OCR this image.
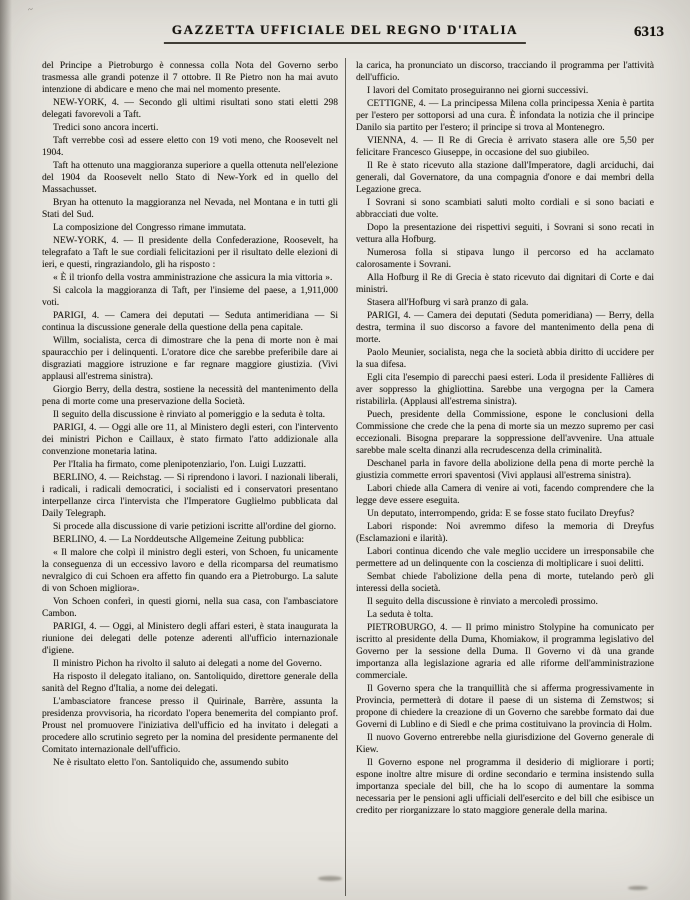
~
GAZZETTA UFFICIALE DEL REGNO D'ITALIA	6313

del Principe a Pietroburgo è connessa colla Nota del Governo serbo trasmessa alle grandi potenze il 7 ottobre. Il Re Pietro non ha mai avuto intenzione di abdicare e meno che mai nel momento presente.

NEW-YORK, 4. — Secondo gli ultimi risultati sono stati eletti 298 delegati favorevoli a Taft.

Tredici sono ancora incerti.

Taft verrebbe così ad essere eletto con 19 voti meno, che Roosevelt nel 1904.

Taft ha ottenuto una maggioranza superiore a quella ottenuta nell'elezione del 1904 da Roosevelt nello Stato di New-York ed in quello del Massachusset.

Bryan ha ottenuto la maggioranza nel Nevada, nel Montana e in tutti gli Stati del Sud.

La composizione del Congresso rimane immutata.

NEW-YORK, 4. — Il presidente della Confederazione, Roosevelt, ha telegrafato a Taft le sue cordiali felicitazioni per il risultato delle elezioni di ieri, e questi, ringraziandolo, gli ha risposto :

« È il trionfo della vostra amministrazione che assicura la mia vittoria ».

Si calcola la maggioranza di Taft, per l'insieme del paese, a 1,911,000 voti.

PARIGI, 4. — Camera dei deputati — Seduta antimeridiana — Si continua la discussione generale della questione della pena capitale.

Willm, socialista, cerca di dimostrare che la pena di morte non è mai spauracchio per i delinquenti. L'oratore dice che sarebbe preferibile dare ai disgraziati maggiore istruzione e far regnare maggiore giustizia. (Vivi applausi all'estrema sinistra).

Giorgio Berry, della destra, sostiene la necessità del mantenimento della pena di morte come una preservazione della Società.

Il seguito della discussione è rinviato al pomeriggio e la seduta è tolta.

PARIGI, 4. — Oggi alle ore 11, al Ministero degli esteri, con l'intervento dei ministri Pichon e Caillaux, è stato firmato l'atto addizionale alla convenzione monetaria latina.

Per l'Italia ha firmato, come plenipotenziario, l'on. Luigi Luzzatti.

BERLINO, 4. — Reichstag. — Si riprendono i lavori. I nazionali liberali, i radicali, i radicali democratici, i socialisti ed i conservatori presentano interpellanze circa l'intervista che l'Imperatore Guglielmo pubblicata dal Daily Telegraph.

Si procede alla discussione di varie petizioni iscritte all'ordine del giorno.

BERLINO, 4. — La Norddeutsche Allgemeine Zeitung pubblica:

« Il malore che colpì il ministro degli esteri, von Schoen, fu unicamente la conseguenza di un eccessivo lavoro e della ricomparsa del reumatismo nevralgico di cui Schoen era affetto fin quando era a Pietroburgo. La salute di von Schoen migliora».

Von Schoen conferì, in questi giorni, nella sua casa, con l'ambasciatore Cambon.

PARIGI, 4. — Oggi, al Ministero degli affari esteri, è stata inaugurata la riunione dei delegati delle potenze aderenti all'ufficio internazionale d'igiene.

Il ministro Pichon ha rivolto il saluto ai delegati a nome del Governo.

Ha risposto il delegato italiano, on. Santoliquido, direttore generale della sanità del Regno d'Italia, a nome dei delegati.

L'ambasciatore francese presso il Quirinale, Barrère, assunta la presidenza provvisoria, ha ricordato l'opera benemerita del compianto prof. Proust nel promuovere l'iniziativa dell'ufficio ed ha invitato i delegati a procedere allo scrutinio segreto per la nomina del presidente permanente del Comitato internazionale dell'ufficio.

Ne è risultato eletto l'on. Santoliquido che, assumendo subito

la carica, ha pronunciato un discorso, tracciando il programma per l'attività dell'ufficio.

I lavori del Comitato proseguiranno nei giorni successivi.

CETTIGNE, 4. — La principessa Milena colla principessa Xenia è partita per l'estero per sottoporsi ad una cura. È infondata la notizia che il principe Danilo sia partito per l'estero; il principe si trova al Montenegro.

VIENNA, 4. — Il Re di Grecia è arrivato stasera alle ore 5,50 per felicitare Francesco Giuseppe, in occasione del suo giubileo.

Il Re è stato ricevuto alla stazione dall'Imperatore, dagli arciduchi, dai generali, dal Governatore, da una compagnia d'onore e dai membri della Legazione greca.

I Sovrani si sono scambiati saluti molto cordiali e si sono baciati e abbracciati due volte.

Dopo la presentazione dei rispettivi seguiti, i Sovrani si sono recati in vettura alla Hofburg.

Numerosa folla si stipava lungo il percorso ed ha acclamato calorosamente i Sovrani.

Alla Hofburg il Re di Grecia è stato ricevuto dai dignitari di Corte e dai ministri.

Stasera all'Hofburg vi sarà pranzo di gala.

PARIGI, 4. — Camera dei deputati (Seduta pomeridiana) — Berry, della destra, termina il suo discorso a favore del mantenimento della pena di morte.

Paolo Meunier, socialista, nega che la società abbia diritto di uccidere per la sua difesa.

Egli cita l'esempio di parecchi paesi esteri. Loda il presidente Fallières di aver soppresso la ghigliottina. Sarebbe una vergogna per la Camera ristabilirla. (Applausi all'estrema sinistra).

Puech, presidente della Commissione, espone le conclusioni della Commissione che crede che la pena di morte sia un mezzo supremo per casi eccezionali. Bisogna preparare la soppressione dell'avvenire. Una attuale sarebbe male scelta dinanzi alla recrudescenza della criminalità.

Deschanel parla in favore della abolizione della pena di morte perchè la giustizia commette errori spaventosi (Vivi applausi all'estrema sinistra).

Labori chiede alla Camera di venire ai voti, facendo comprendere che la legge deve essere eseguita.

Un deputato, interrompendo, grida: E se fosse stato fucilato Dreyfus?

Labori risponde: Noi avremmo difeso la memoria di Dreyfus (Esclamazioni e ilarità).

Labori continua dicendo che vale meglio uccidere un irresponsabile che permettere ad un delinquente con la coscienza di moltiplicare i suoi delitti.

Sembat chiede l'abolizione della pena di morte, tutelando però gli interessi della società.

Il seguito della discussione è rinviato a mercoledì prossimo.

La seduta è tolta.

PIETROBURGO, 4. — Il primo ministro Stolypine ha comunicato per iscritto al presidente della Duma, Khomiakow, il programma legislativo del Governo per la sessione della Duma. Il Governo vi dà una grande importanza alla legislazione agraria ed alle riforme dell'amministrazione commerciale.

Il Governo spera che la tranquillità che si afferma progressivamente in Provincia, permetterà di dotare il paese di un sistema di Zemstwos; si propone di chiedere la creazione di un Governo che sarebbe formato dai due Governi di Lublino e di Siedl e che prima costituivano la provincia di Holm.

Il nuovo Governo entrerebbe nella giurisdizione del Governo generale di Kiew.

Il Governo espone nel programma il desiderio di migliorare i porti; espone inoltre altre misure di ordine secondario e termina insistendo sulla importanza speciale del bill, che ha lo scopo di aumentare la somma necessaria per le pensioni agli ufficiali dell'esercito e del bill che esibisce un credito per riorganizzare lo stato maggiore generale della marina.
